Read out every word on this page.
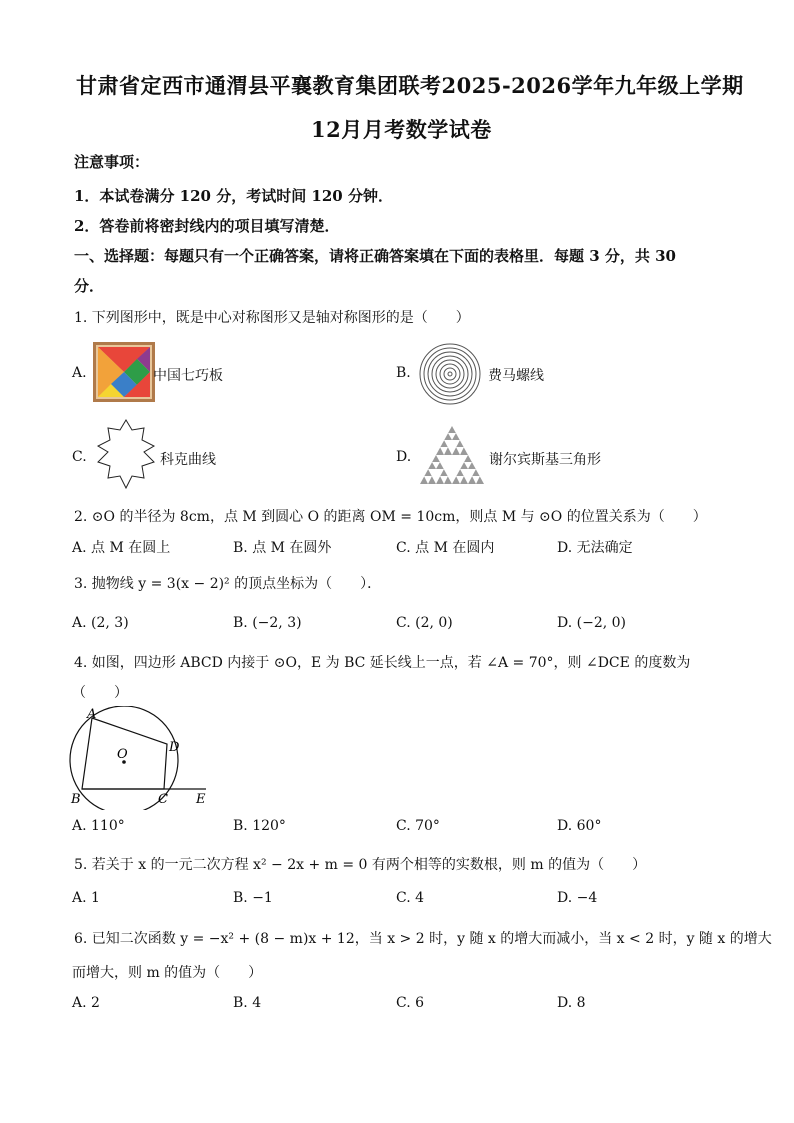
甘肃省定西市通渭县平襄教育集团联考2025-2026学年九年级上学期
12月月考数学试卷
注意事项：
1．本试卷满分 120 分，考试时间 120 分钟．
2．答卷前将密封线内的项目填写清楚．
一、选择题：每题只有一个正确答案，请将正确答案填在下面的表格里．每题 3 分，共 30
分．
1. 下列图形中，既是中心对称图形又是轴对称图形的是（　　）
A.	中国七巧板	B.	费马螺线
C.	科克曲线	D.	谢尔宾斯基三角形
2. ⊙O 的半径为 8cm，点 M 到圆心 O 的距离 OM = 10cm，则点 M 与 ⊙O 的位置关系为（　　）
A. 点 M 在圆上	B. 点 M 在圆外	C. 点 M 在圆内	D. 无法确定
3. 抛物线 y = 3(x − 2)² 的顶点坐标为（　　）．
A. (2, 3)	B. (−2, 3)	C. (2, 0)	D. (−2, 0)
4. 如图，四边形 ABCD 内接于 ⊙O，E 为 BC 延长线上一点，若 ∠A = 70°，则 ∠DCE 的度数为
（　　）
A
D
B	C E
O
A. 110°	B. 120°	C. 70°	D. 60°
5. 若关于 x 的一元二次方程 x² − 2x + m = 0 有两个相等的实数根，则 m 的值为（　　）
A. 1	B. −1	C. 4	D. −4
6. 已知二次函数 y = −x² + (8 − m)x + 12，当 x > 2 时，y 随 x 的增大而减小，当 x < 2 时，y 随 x 的增大
而增大，则 m 的值为（　　）
A. 2	B. 4	C. 6	D. 8
